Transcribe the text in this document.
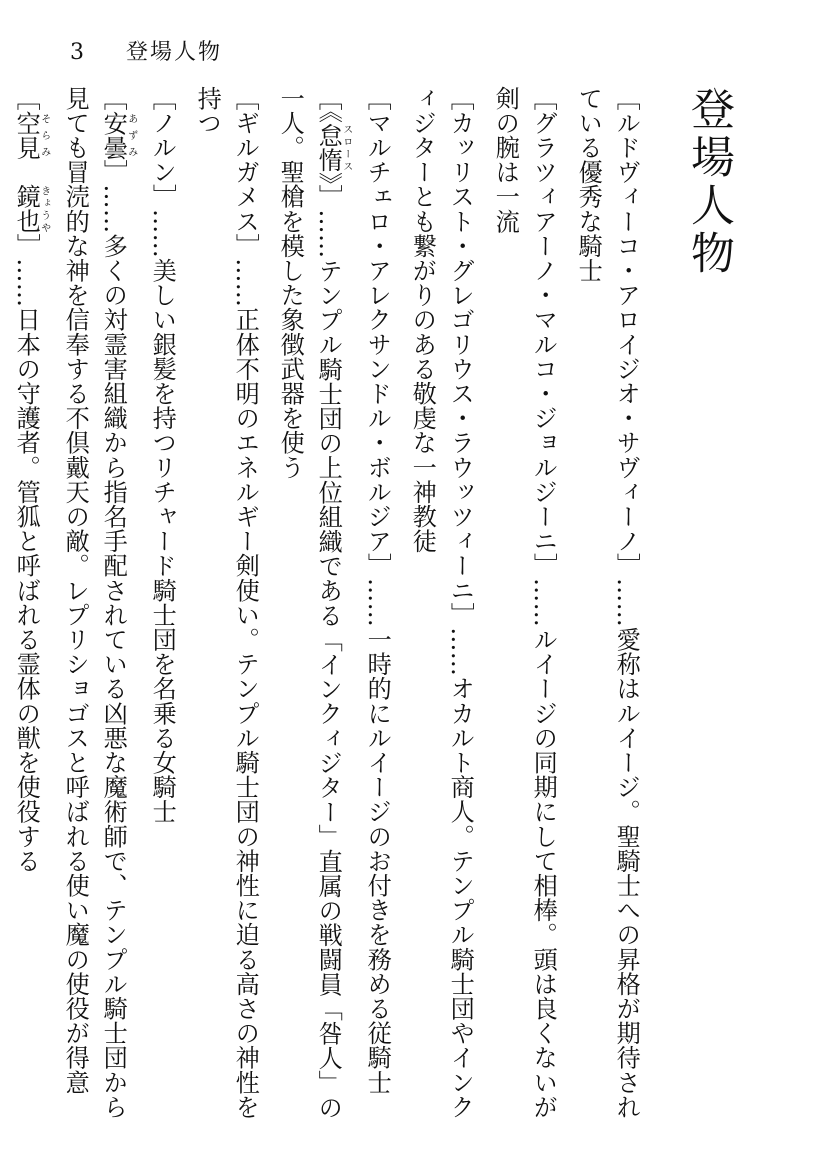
3	登場人物
登場人物

［ルドヴィーコ・アロイジオ・サヴィーノ］……愛称はルイージ。聖騎士への昇格が期待されている優秀な騎士

［グラツィアーノ・マルコ・ジョルジーニ］……ルイージの同期にして相棒。頭は良くないが剣の腕は一流

［カッリスト・グレゴリウス・ラウッツィーニ］……オカルト商人。テンプル騎士団やインクィジターとも繋がりのある敬虔な一神教徒

［マルチェロ・アレクサンドル・ボルジア］……一時的にルイージのお付きを務める従騎士

［《怠惰スロース》］……テンプル騎士団の上位組織である「インクィジター」直属の戦闘員「咎人」の一人。聖槍を模した象徴武器を使う

［ギルガメス］……正体不明のエネルギー剣使い。テンプル騎士団の神性に迫る高さの神性を持つ

［ノルン］……美しい銀髪を持つリチャード騎士団を名乗る女騎士

［安曇あずみ］……多くの対霊害組織から指名手配されている凶悪な魔術師で、テンプル騎士団から見ても冒涜的な神を信奉する不倶戴天の敵。レプリショゴスと呼ばれる使い魔の使役が得意

［空見そらみ　鏡也きょうや］……日本の守護者。管狐と呼ばれる霊体の獣を使役する
